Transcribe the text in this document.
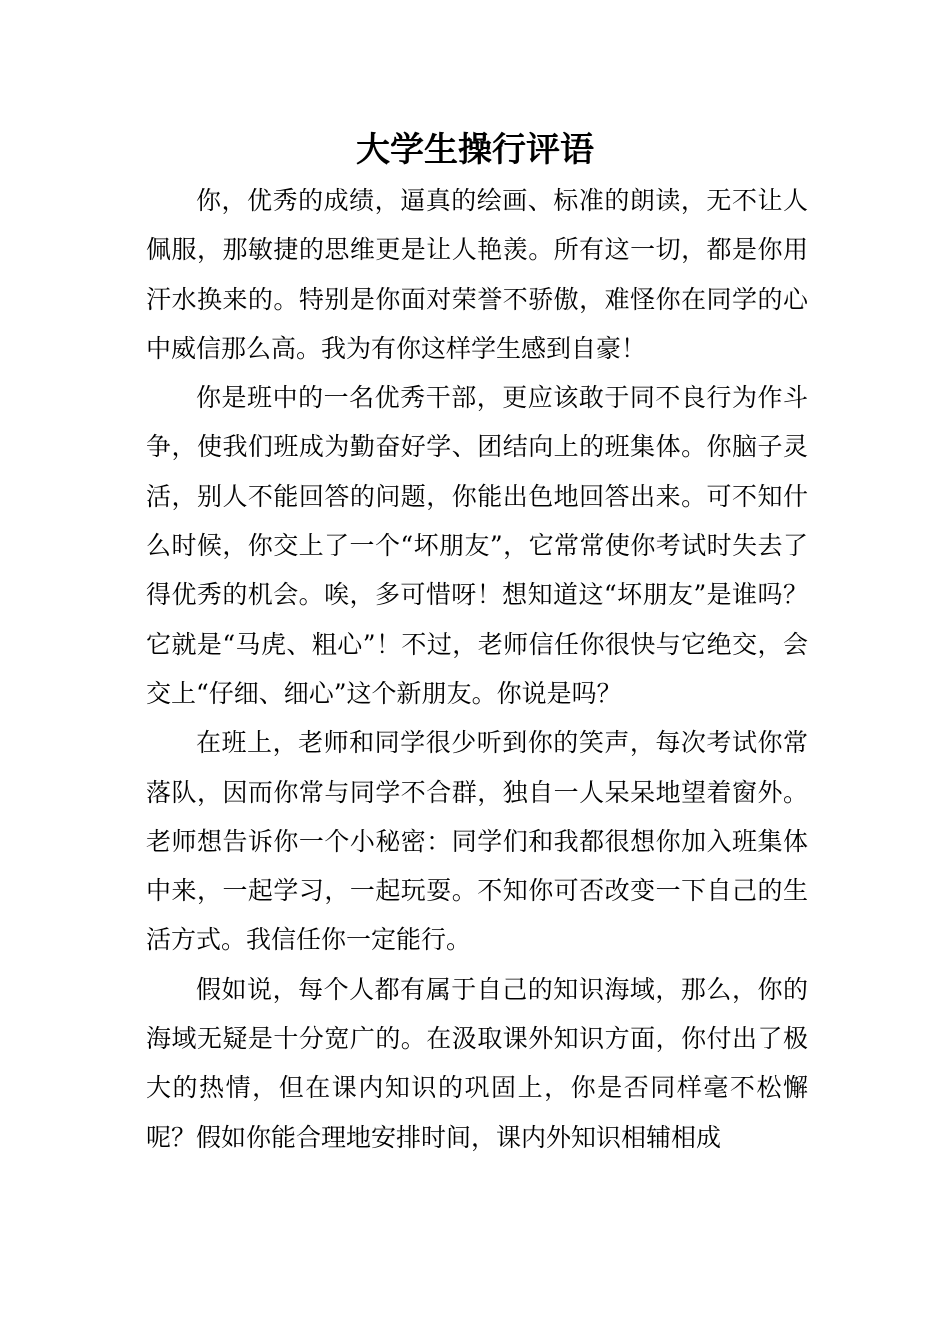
大学生操行评语

你，优秀的成绩，逼真的绘画、标准的朗读，无不让人佩服，那敏捷的思维更是让人艳羡。所有这一切，都是你用汗水换来的。特别是你面对荣誉不骄傲，难怪你在同学的心中威信那么高。我为有你这样学生感到自豪！

你是班中的一名优秀干部，更应该敢于同不良行为作斗争，使我们班成为勤奋好学、团结向上的班集体。你脑子灵活，别人不能回答的问题，你能出色地回答出来。可不知什么时候，你交上了一个“坏朋友”，它常常使你考试时失去了得优秀的机会。唉，多可惜呀！想知道这“坏朋友”是谁吗？它就是“马虎、粗心”！不过，老师信任你很快与它绝交，会交上“仔细、细心”这个新朋友。你说是吗？

在班上，老师和同学很少听到你的笑声，每次考试你常落队，因而你常与同学不合群，独自一人呆呆地望着窗外。老师想告诉你一个小秘密：同学们和我都很想你加入班集体中来，一起学习，一起玩耍。不知你可否改变一下自己的生活方式。我信任你一定能行。

假如说，每个人都有属于自己的知识海域，那么，你的海域无疑是十分宽广的。在汲取课外知识方面，你付出了极大的热情，但在课内知识的巩固上，你是否同样毫不松懈呢？假如你能合理地安排时间，课内外知识相辅相成
